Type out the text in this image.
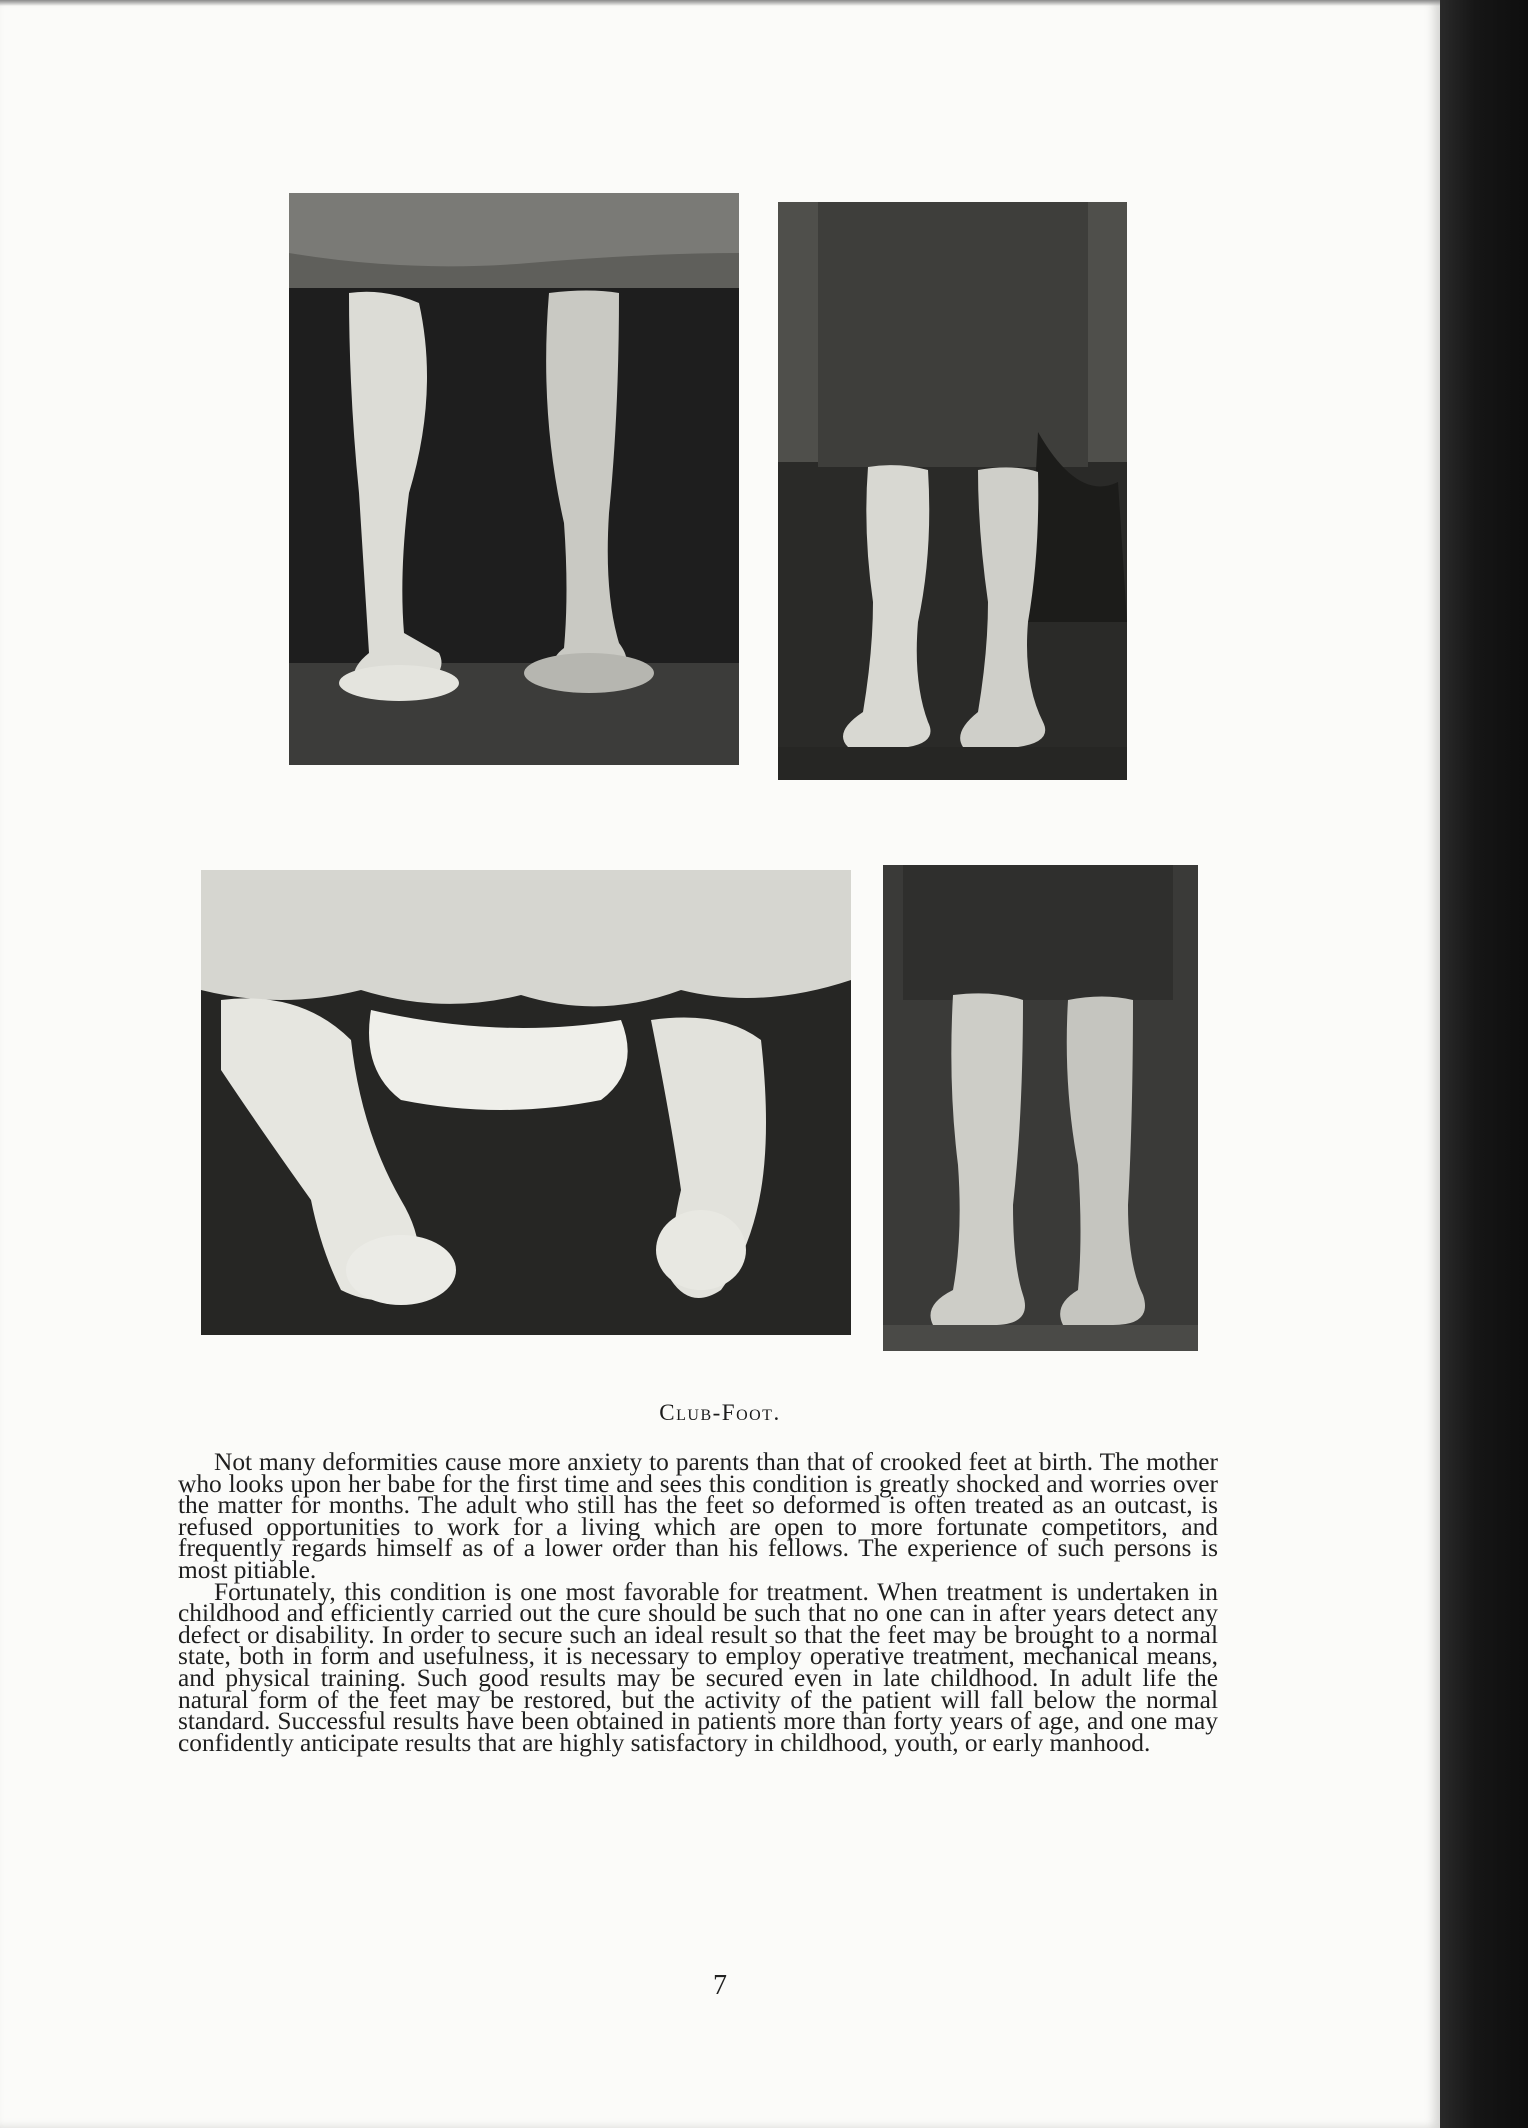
Club-Foot.

Not many deformities cause more anxiety to parents than that of crooked feet at birth. The mother who looks upon her babe for the first time and sees this condition is greatly shocked and worries over the matter for months. The adult who still has the feet so deformed is often treated as an outcast, is refused opportunities to work for a living which are open to more fortunate competitors, and frequently regards himself as of a lower order than his fellows. The experience of such persons is most pitiable.

Fortunately, this condition is one most favorable for treatment. When treatment is undertaken in childhood and efficiently carried out the cure should be such that no one can in after years detect any defect or disability. In order to secure such an ideal result so that the feet may be brought to a normal state, both in form and usefulness, it is necessary to employ operative treatment, mechanical means, and physical training. Such good results may be secured even in late childhood. In adult life the natural form of the feet may be restored, but the activity of the patient will fall below the normal standard. Successful results have been obtained in patients more than forty years of age, and one may confidently anticipate results that are highly satisfactory in childhood, youth, or early manhood.

7
